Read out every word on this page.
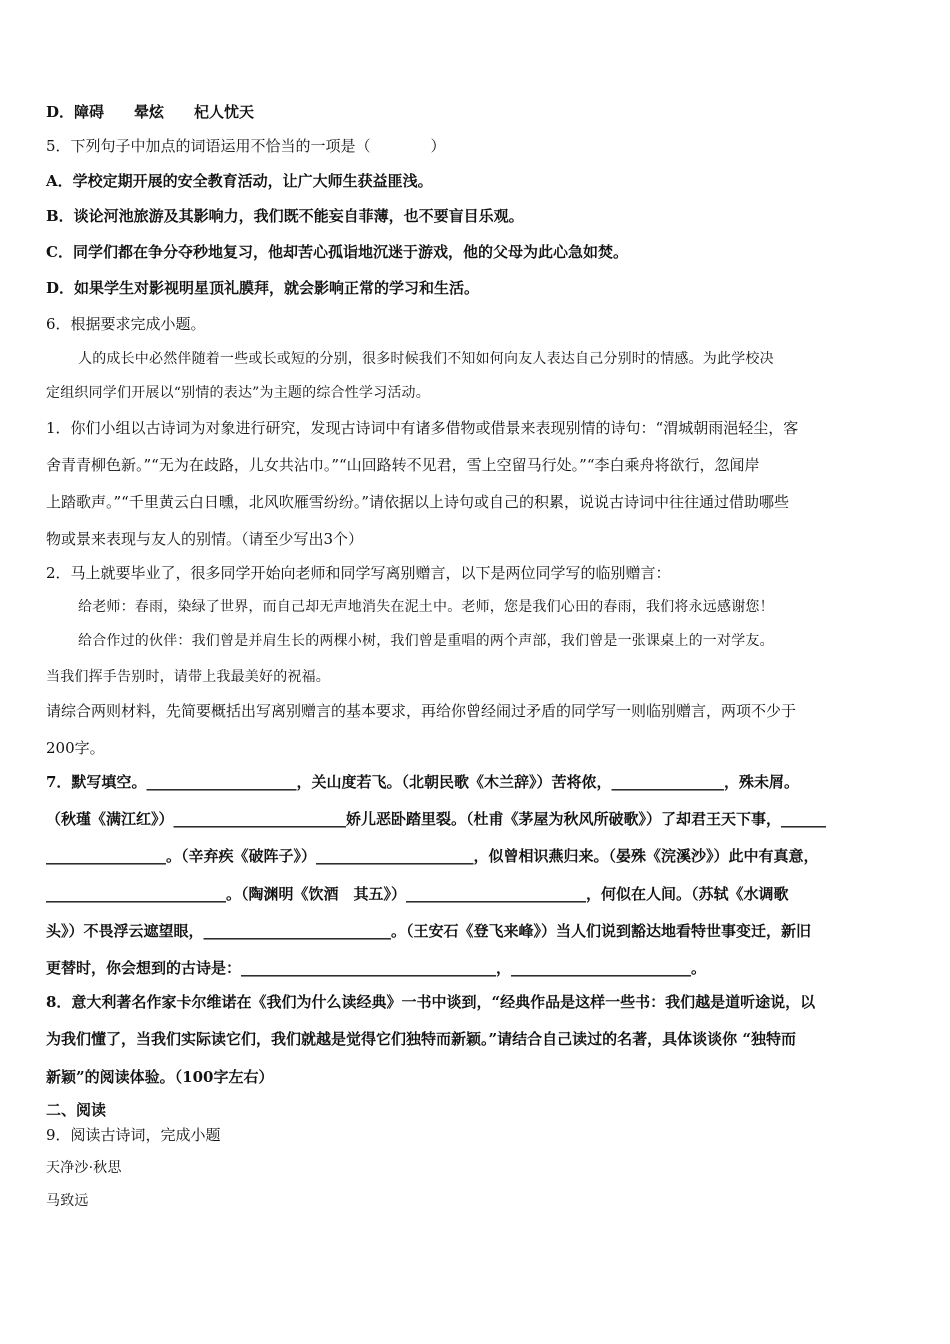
D．障碍　　晕炫　　杞人忧天
5．下列句子中加点的词语运用不恰当的一项是（　　　　）
A．学校定期开展的安全教育活动，让广大师生获益匪浅。
B．谈论河池旅游及其影响力，我们既不能妄自菲薄，也不要盲目乐观。
C．同学们都在争分夺秒地复习，他却苦心孤诣地沉迷于游戏，他的父母为此心急如焚。
D．如果学生对影视明星顶礼膜拜，就会影响正常的学习和生活。
6．根据要求完成小题。
人的成长中必然伴随着一些或长或短的分别，很多时候我们不知如何向友人表达自己分别时的情感。为此学校决
定组织同学们开展以“别情的表达”为主题的综合性学习活动。
1．你们小组以古诗词为对象进行研究，发现古诗词中有诸多借物或借景来表现别情的诗句：“渭城朝雨浥轻尘，客
舍青青柳色新。”“无为在歧路，儿女共沾巾。”“山回路转不见君，雪上空留马行处。”“李白乘舟将欲行，忽闻岸
上踏歌声。”“千里黄云白日曛，北风吹雁雪纷纷。”请依据以上诗句或自己的积累，说说古诗词中往往通过借助哪些
物或景来表现与友人的别情。（请至少写出3个）
2．马上就要毕业了，很多同学开始向老师和同学写离别赠言，以下是两位同学写的临别赠言：
给老师：春雨，染绿了世界，而自己却无声地消失在泥土中。老师，您是我们心田的春雨，我们将永远感谢您！
给合作过的伙伴：我们曾是并肩生长的两棵小树，我们曾是重唱的两个声部，我们曾是一张课桌上的一对学友。
当我们挥手告别时，请带上我最美好的祝福。
请综合两则材料，先简要概括出写离别赠言的基本要求，再给你曾经闹过矛盾的同学写一则临别赠言，两项不少于
200字。
7．默写填空。____________________，关山度若飞。（北朝民歌《木兰辞》）苦将侬，_______________，殊未屑。
（秋瑾《满江红》）_______________________娇儿恶卧踏里裂。（杜甫《茅屋为秋风所破歌》）了却君王天下事，______
________________。（辛弃疾《破阵子》）_____________________，似曾相识燕归来。（晏殊《浣溪沙》）此中有真意，
________________________。（陶渊明《饮酒　其五》）________________________，何似在人间。（苏轼《水调歌
头》）不畏浮云遮望眼，_________________________。（王安石《登飞来峰》）当人们说到豁达地看特世事变迁，新旧
更替时，你会想到的古诗是：__________________________________，________________________。
8．意大利著名作家卡尔维诺在《我们为什么读经典》一书中谈到，“经典作品是这样一些书：我们越是道听途说，以
为我们懂了，当我们实际读它们，我们就越是觉得它们独特而新颖。”请结合自己读过的名著，具体谈谈你 “独特而
新颖”的阅读体验。（100字左右）
二、阅读
9．阅读古诗词，完成小题
天净沙·秋思
马致远
